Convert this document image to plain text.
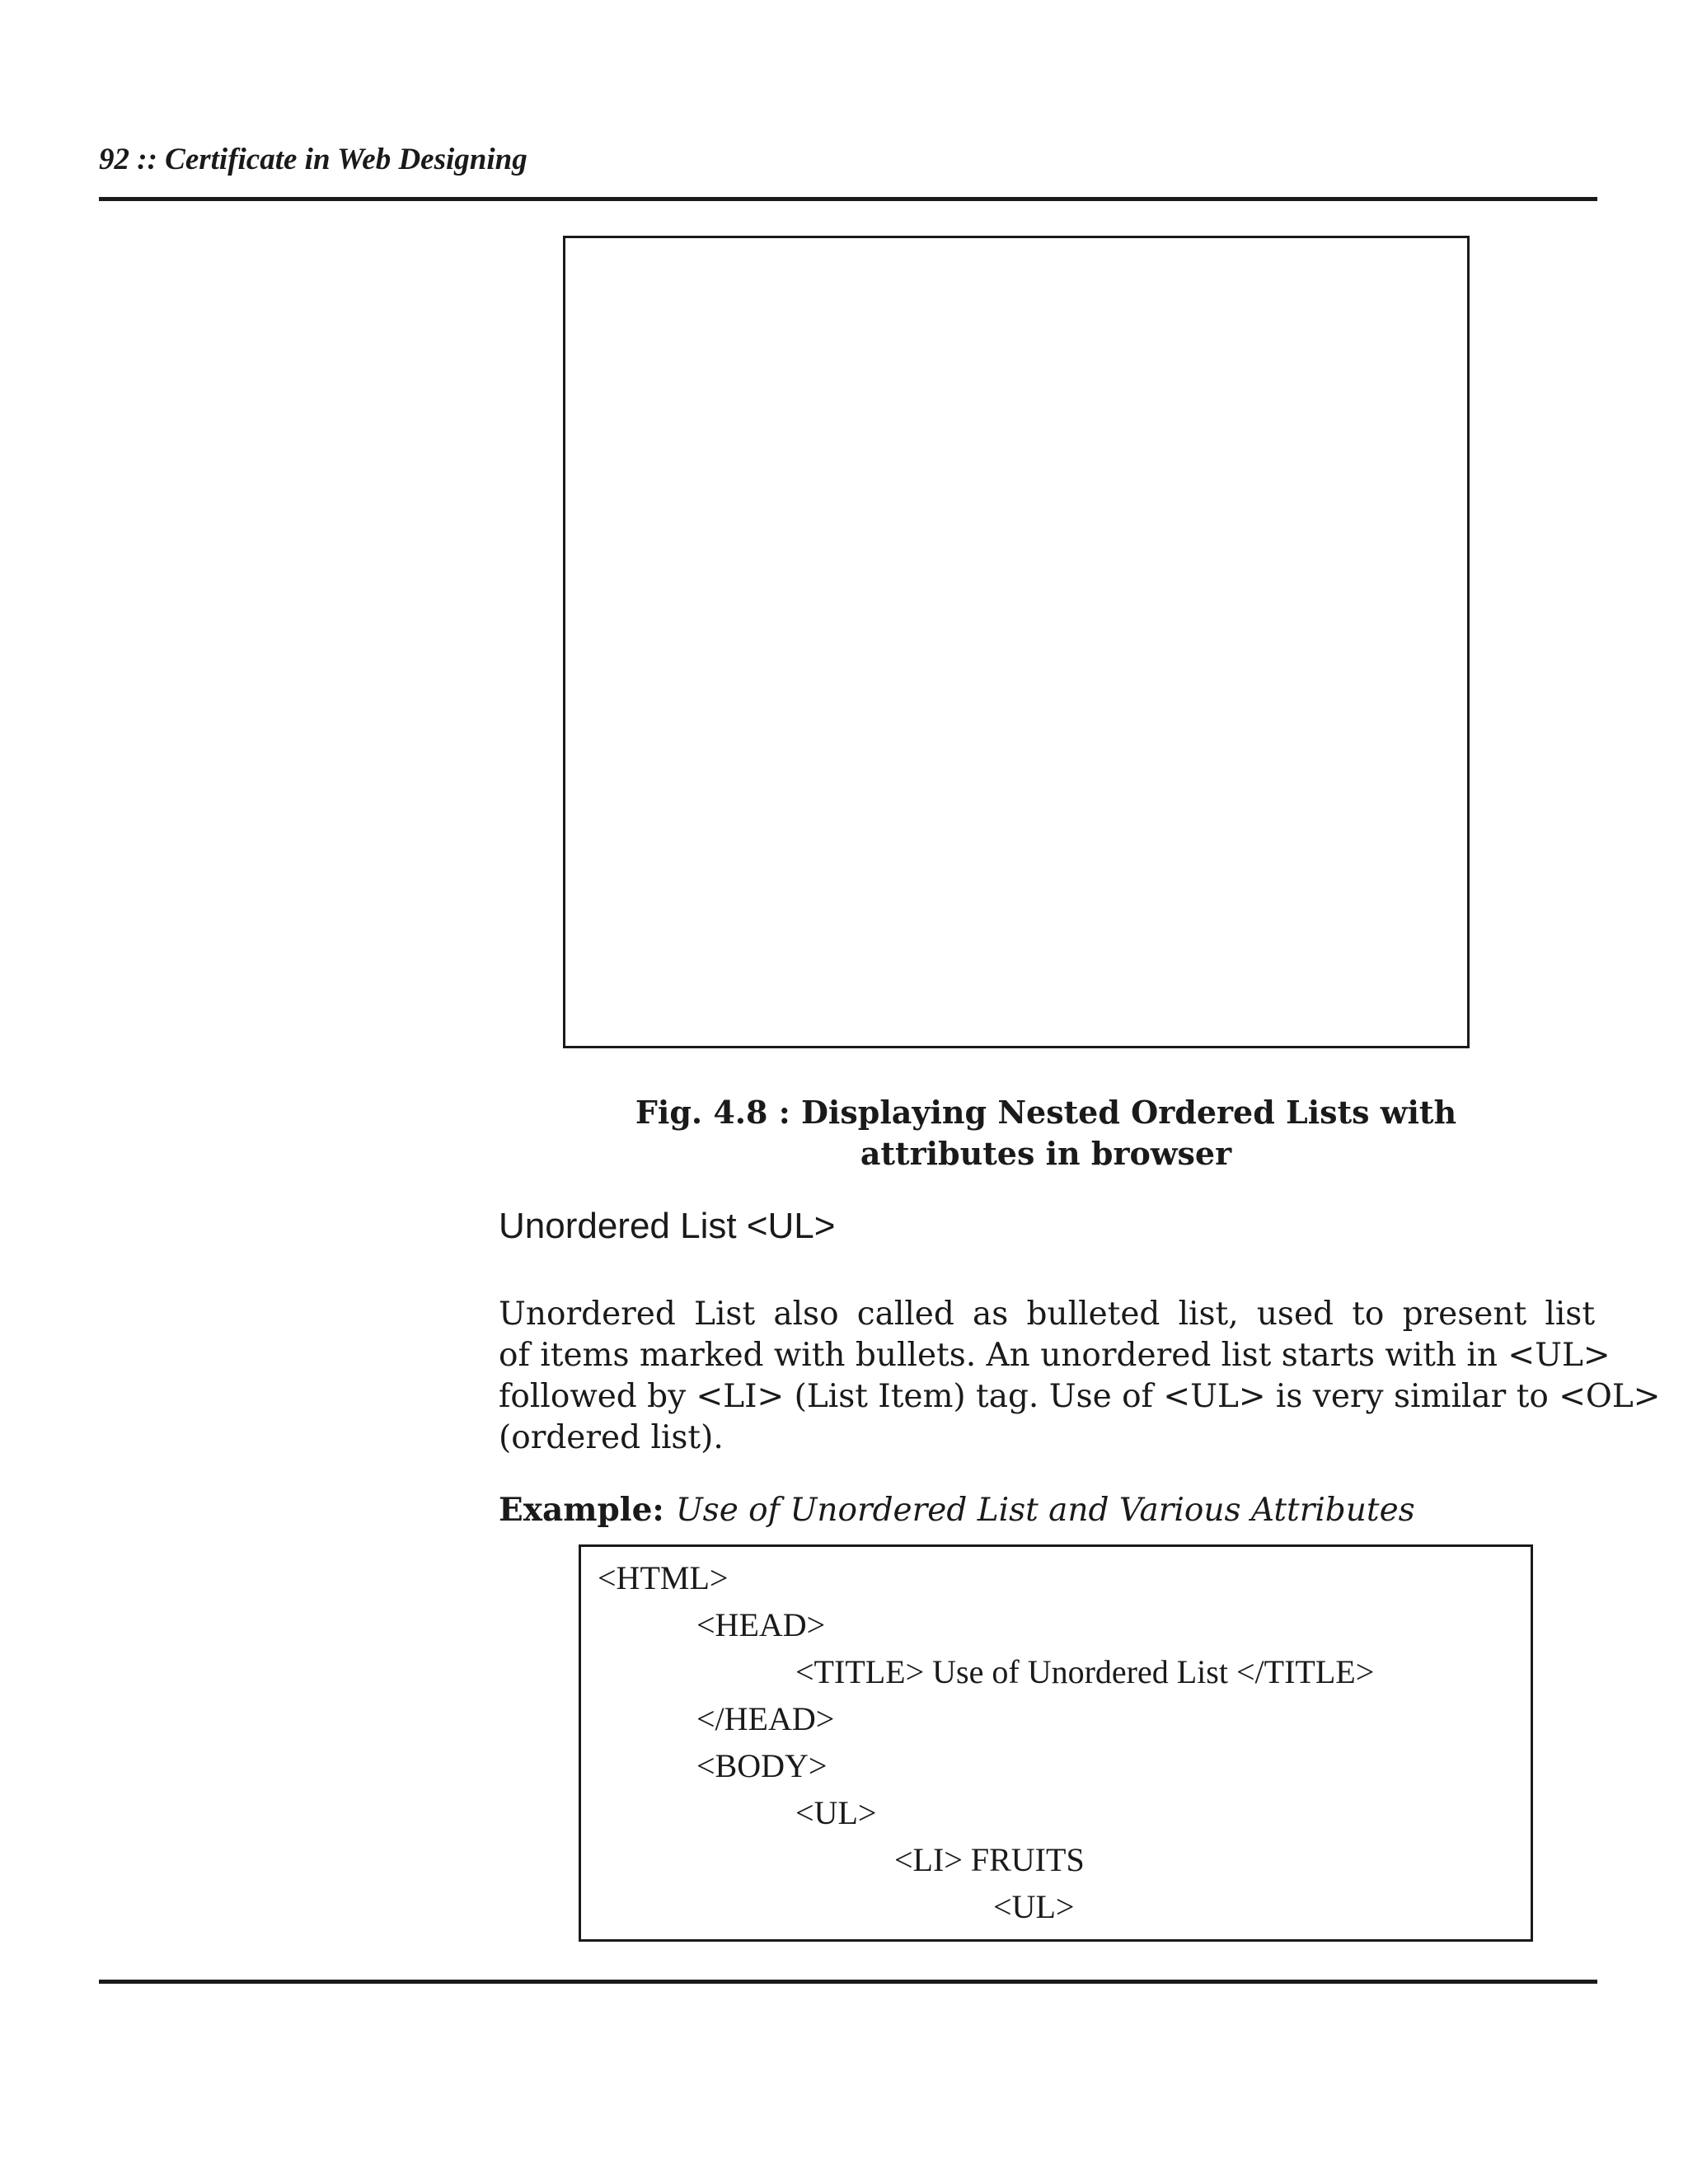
92 :: Certificate in Web Designing
Fig. 4.8 : Displaying Nested Ordered Lists with
attributes in browser
Unordered List <UL>
Unordered List also called as bulleted list, used to present list
of items marked with bullets. An unordered list starts with in <UL>
followed by <LI> (List Item) tag. Use of <UL> is very similar to <OL>
(ordered list).
Example: Use of Unordered List and Various Attributes
<HTML>
<HEAD>
<TITLE> Use of Unordered List </TITLE>
</HEAD>
<BODY>
<UL>
<LI> FRUITS
<UL>
